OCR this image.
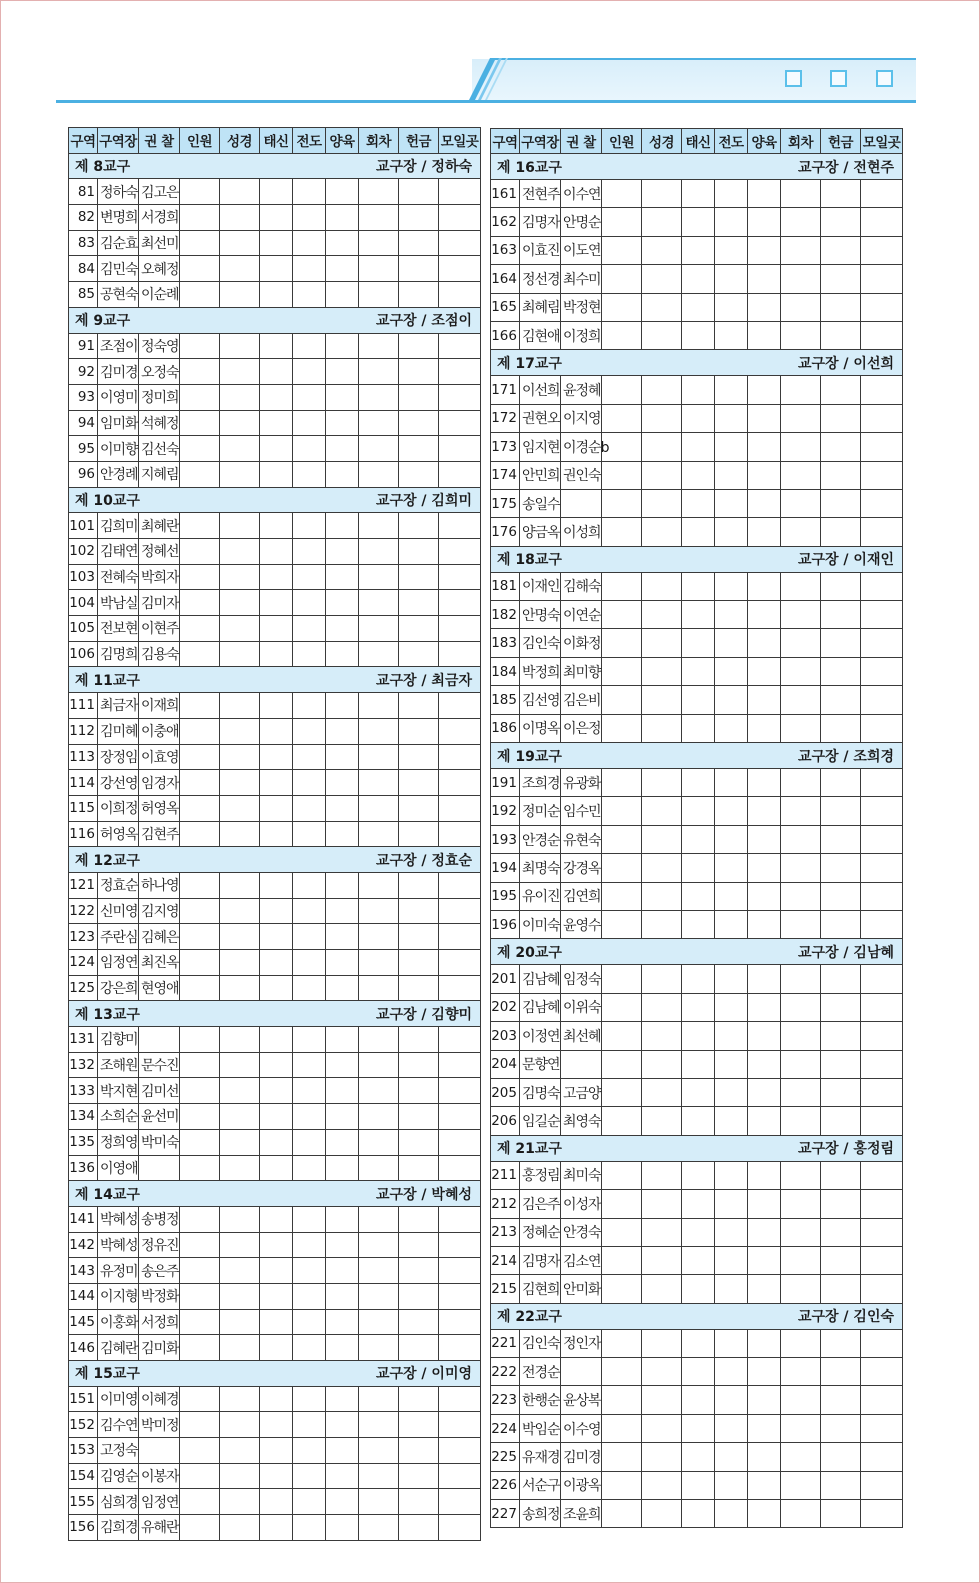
구역	구역장	권 찰	인원	성경	태신	전도	양육	회차	헌금	모일곳

제 8교구 교구장 / 정하숙										

81	정하숙	김고은								
82	변명희	서경희								
83	김순효	최선미								
84	김민숙	오혜정								
85	공현숙	이순례								

제 9교구 교구장 / 조점이										

91	조점이	정숙영								
92	김미경	오정숙								
93	이영미	정미희								
94	임미화	석혜정								
95	이미향	김선숙								
96	안경례	지혜림								

제 10교구 교구장 / 김희미										

101	김희미	최혜란								
102	김태연	정혜선								
103	전혜숙	박희자								
104	박남실	김미자								
105	전보현	이현주								
106	김명희	김용숙								

제 11교구 교구장 / 최금자										

111	최금자	이재희								
112	김미혜	이충애								
113	장정임	이효영								
114	강선영	임경자								
115	이희정	허영옥								
116	허영옥	김현주								

제 12교구 교구장 / 정효순										

121	정효순	하나영								
122	신미영	김지영								
123	주란심	김혜은								
124	임정연	최진옥								
125	강은희	현영애								

제 13교구 교구장 / 김향미										

131	김향미									
132	조해원	문수진								
133	박지현	김미선								
134	소희순	윤선미								
135	정희영	박미숙								
136	이영애									

제 14교구 교구장 / 박혜성										

141	박혜성	송병정								
142	박혜성	정유진								
143	유정미	송은주								
144	이지형	박정화								
145	이홍화	서정희								
146	김혜란	김미화								

제 15교구 교구장 / 이미영										

151	이미영	이혜경								
152	김수연	박미정								
153	고정숙									
154	김영순	이봉자								
155	심희경	임정연								
156	김희경	유해란								
구역	구역장	권 찰	인원	성경	태신	전도	양육	회차	헌금	모일곳

제 16교구 교구장 / 전현주										

161	전현주	이수연								
162	김명자	안명순								
163	이효진	이도연								
164	정선경	최수미								
165	최혜림	박정현								
166	김현애	이정희								

제 17교구 교구장 / 이선희										

171	이선희	윤정혜								
172	권현오	이지영								
173	임지현	이경순b								
174	안민희	권인숙								
175	송일수									
176	양금옥	이성희								

제 18교구 교구장 / 이재인										

181	이재인	김해숙								
182	안명숙	이연순								
183	김인숙	이화정								
184	박정희	최미향								
185	김선영	김은비								
186	이명옥	이은정								

제 19교구 교구장 / 조희경										

191	조희경	유광화								
192	정미순	임수민								
193	안경순	유현숙								
194	최명숙	강경옥								
195	유이진	김연희								
196	이미숙	윤영수								

제 20교구 교구장 / 김남혜										

201	김남혜	임정숙								
202	김남혜	이위숙								
203	이정연	최선혜								
204	문향연									
205	김명숙	고금양								
206	임길순	최영숙								

제 21교구 교구장 / 홍정림										

211	홍정림	최미숙								
212	김은주	이성자								
213	정혜순	안경숙								
214	김명자	김소연								
215	김현희	안미화								

제 22교구 교구장 / 김인숙										

221	김인숙	정인자								
222	전경순									
223	한행순	윤상복								
224	박임순	이수영								
225	유재경	김미경								
226	서순구	이광옥								
227	송희정	조윤희								
